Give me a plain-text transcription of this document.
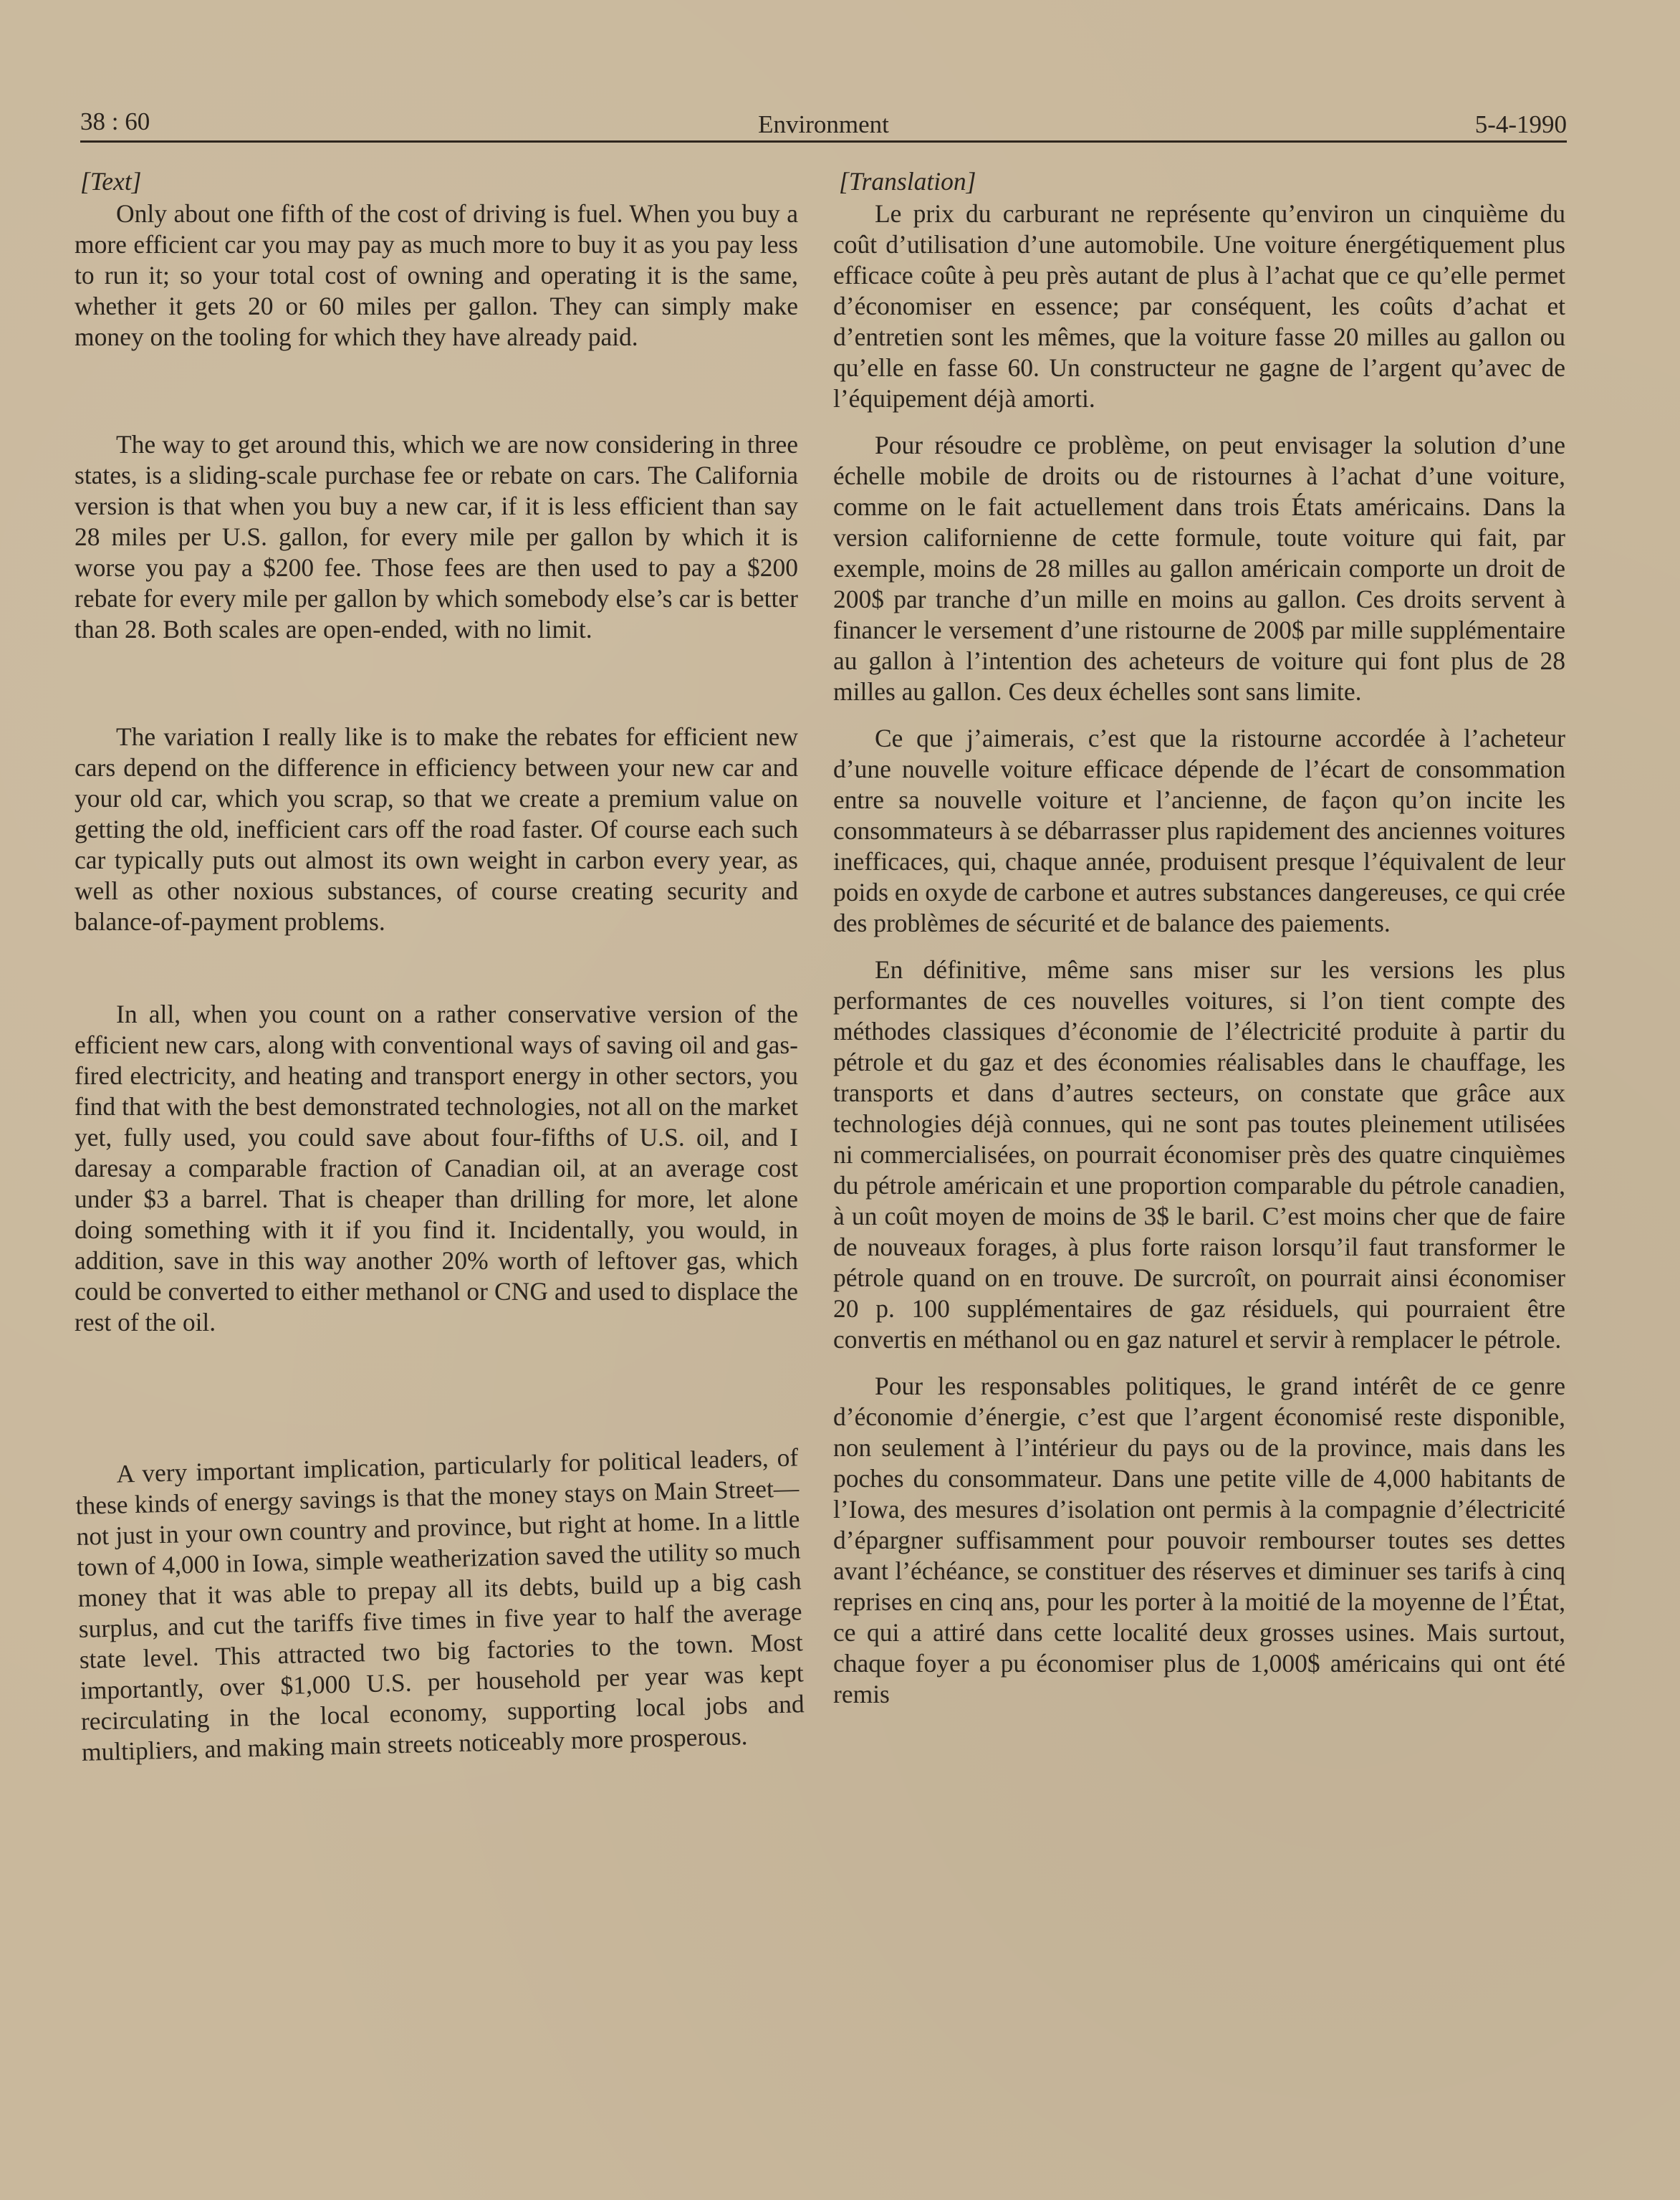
38 : 60	Environment	5-4-1990
[Text]

Only about one fifth of the cost of driving is fuel. When you buy a more efficient car you may pay as much more to buy it as you pay less to run it; so your total cost of owning and operating it is the same, whether it gets 20 or 60 miles per gallon. They can simply make money on the tooling for which they have already paid.

The way to get around this, which we are now considering in three states, is a sliding-scale purchase fee or rebate on cars. The California version is that when you buy a new car, if it is less efficient than say 28 miles per U.S. gallon, for every mile per gallon by which it is worse you pay a $200 fee. Those fees are then used to pay a $200 rebate for every mile per gallon by which somebody else’s car is better than 28. Both scales are open-ended, with no limit.

The variation I really like is to make the rebates for efficient new cars depend on the difference in efficiency between your new car and your old car, which you scrap, so that we create a premium value on getting the old, inefficient cars off the road faster. Of course each such car typically puts out almost its own weight in carbon every year, as well as other noxious substances, of course creating security and balance-of-payment problems.

In all, when you count on a rather conservative version of the efficient new cars, along with conventional ways of saving oil and gas-fired electricity, and heating and transport energy in other sectors, you find that with the best demonstrated technologies, not all on the market yet, fully used, you could save about four-fifths of U.S. oil, and I daresay a comparable fraction of Canadian oil, at an average cost under $3 a barrel. That is cheaper than drilling for more, let alone doing something with it if you find it. Incidentally, you would, in addition, save in this way another 20% worth of leftover gas, which could be converted to either methanol or CNG and used to displace the rest of the oil.

A very important implication, particularly for political leaders, of these kinds of energy savings is that the money stays on Main Street—not just in your own country and province, but right at home. In a little town of 4,000 in Iowa, simple weatherization saved the utility so much money that it was able to prepay all its debts, build up a big cash surplus, and cut the tariffs five times in five year to half the average state level. This attracted two big factories to the town. Most importantly, over $1,000 U.S. per household per year was kept recirculating in the local economy, supporting local jobs and multipliers, and making main streets noticeably more prosperous.

[Translation]

Le prix du carburant ne représente qu’environ un cinquième du coût d’utilisation d’une automobile. Une voiture énergétiquement plus efficace coûte à peu près autant de plus à l’achat que ce qu’elle permet d’économiser en essence; par conséquent, les coûts d’achat et d’entretien sont les mêmes, que la voiture fasse 20 milles au gallon ou qu’elle en fasse 60. Un constructeur ne gagne de l’argent qu’avec de l’équipement déjà amorti.

Pour résoudre ce problème, on peut envisager la solution d’une échelle mobile de droits ou de ristournes à l’achat d’une voiture, comme on le fait actuellement dans trois États américains. Dans la version californienne de cette formule, toute voiture qui fait, par exemple, moins de 28 milles au gallon américain comporte un droit de 200$ par tranche d’un mille en moins au gallon. Ces droits servent à financer le versement d’une ristourne de 200$ par mille supplémentaire au gallon à l’intention des acheteurs de voiture qui font plus de 28 milles au gallon. Ces deux échelles sont sans limite.

Ce que j’aimerais, c’est que la ristourne accordée à l’acheteur d’une nouvelle voiture efficace dépende de l’écart de consommation entre sa nouvelle voiture et l’ancienne, de façon qu’on incite les consommateurs à se débarrasser plus rapidement des anciennes voitures inefficaces, qui, chaque année, produisent presque l’équivalent de leur poids en oxyde de carbone et autres substances dangereuses, ce qui crée des problèmes de sécurité et de balance des paiements.

En définitive, même sans miser sur les versions les plus performantes de ces nouvelles voitures, si l’on tient compte des méthodes classiques d’économie de l’électricité produite à partir du pétrole et du gaz et des économies réalisables dans le chauffage, les transports et dans d’autres secteurs, on constate que grâce aux technologies déjà connues, qui ne sont pas toutes pleinement utilisées ni commercialisées, on pourrait économiser près des quatre cinquièmes du pétrole américain et une proportion comparable du pétrole canadien, à un coût moyen de moins de 3$ le baril. C’est moins cher que de faire de nouveaux forages, à plus forte raison lorsqu’il faut transformer le pétrole quand on en trouve. De surcroît, on pourrait ainsi économiser 20 p. 100 supplémentaires de gaz résiduels, qui pourraient être convertis en méthanol ou en gaz naturel et servir à remplacer le pétrole.

Pour les responsables politiques, le grand intérêt de ce genre d’économie d’énergie, c’est que l’argent économisé reste disponible, non seulement à l’intérieur du pays ou de la province, mais dans les poches du consommateur. Dans une petite ville de 4,000 habitants de l’Iowa, des mesures d’isolation ont permis à la compagnie d’électricité d’épargner suffisamment pour pouvoir rembourser toutes ses dettes avant l’échéance, se constituer des réserves et diminuer ses tarifs à cinq reprises en cinq ans, pour les porter à la moitié de la moyenne de l’État, ce qui a attiré dans cette localité deux grosses usines. Mais surtout, chaque foyer a pu économiser plus de 1,000$ américains qui ont été remis
